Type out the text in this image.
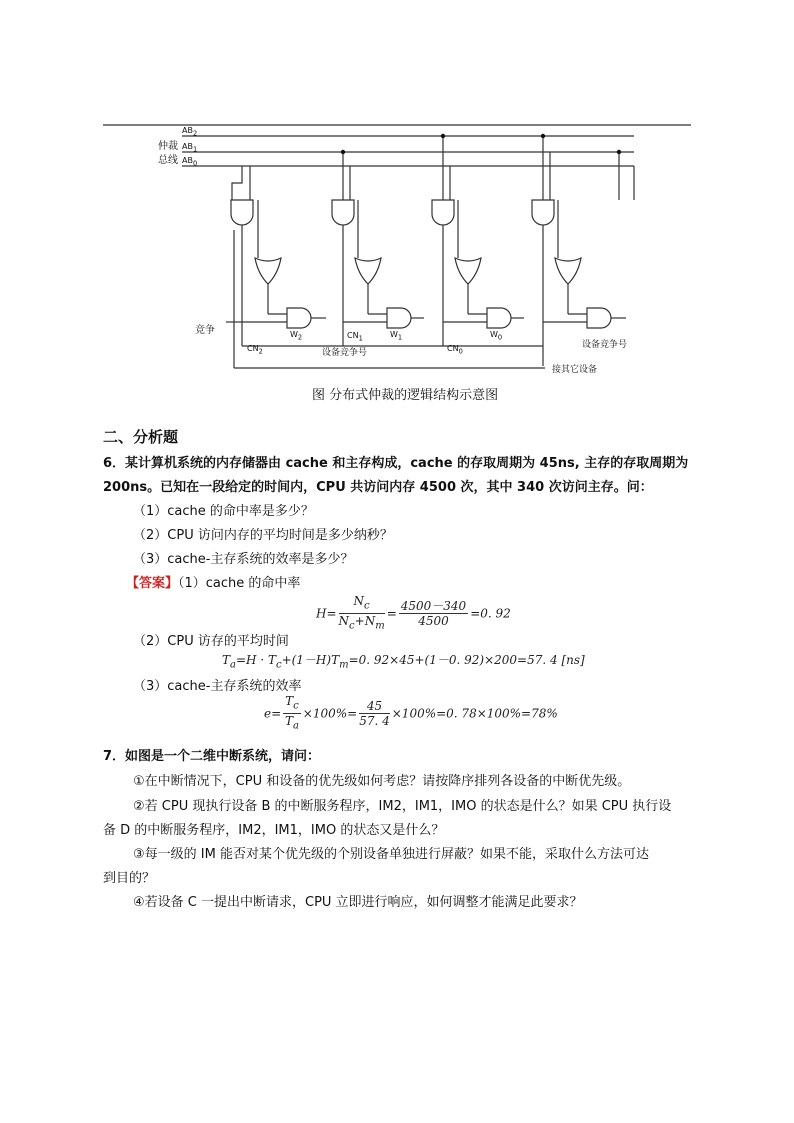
仲裁
总线
$AB_2$
$AB_1$
$AB_0$
竞争
$CN_2$
$CN_1$
$CN_0$
$W_2$	$W_1$	$W_0$
设备竞争号
设备竞争号
接其它设备
图 分布式仲裁的逻辑结构示意图
二、分析题
6．某计算机系统的内存储器由 cache 和主存构成，cache 的存取周期为 45ns, 主存的存取周期为
200ns。已知在一段给定的时间内，CPU 共访问内存 4500 次，其中 340 次访问主存。问：
（1）cache 的命中率是多少？
（2）CPU 访问内存的平均时间是多少纳秒？
（3）cache-主存系统的效率是多少？
【答案】（1）cache 的命中率
$H= \frac{N_c}{N_c+N_m} = \frac{4500-340}{4500} =0$. 92
（2）CPU 访存的平均时间
$T_a=H \cdot T_c+(1-H)T_m=0$. 92×45+(1－0. 92)×200=57. 4 [ns]
（3）cache-主存系统的效率
$e= \frac{T_c}{T_a} \times 100\%= \frac{45}{57. 4} \times 100\%=0$. 78×100%=78%
7．如图是一个二维中断系统，请问：
①在中断情况下，CPU 和设备的优先级如何考虑？请按降序排列各设备的中断优先级。
②若 CPU 现执行设备 B 的中断服务程序，IM2，IM1，IMO 的状态是什么？如果 CPU 执行设
备 D 的中断服务程序，IM2，IM1，IMO 的状态又是什么？
③每一级的 IM 能否对某个优先级的个别设备单独进行屏蔽？如果不能，采取什么方法可达
到目的？
④若设备 C 一提出中断请求，CPU 立即进行响应，如何调整才能满足此要求？
